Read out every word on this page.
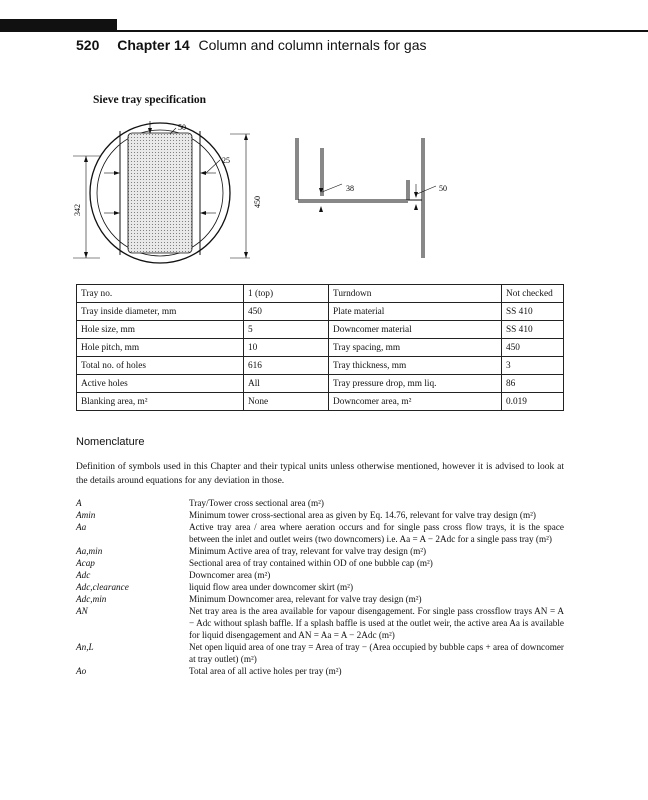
520 Chapter 14 Column and column internals for gas
Sieve tray specification
342
50
25
450
38	50
Tray no.	1 (top)	Turndown	Not checked
Tray inside diameter, mm	450	Plate material	SS 410
Hole size, mm	5	Downcomer material	SS 410
Hole pitch, mm	10	Tray spacing, mm	450
Total no. of holes	616	Tray thickness, mm	3
Active holes	All	Tray pressure drop, mm liq.	86
Blanking area, m²	None	Downcomer area, m²	0.019
Nomenclature
Definition of symbols used in this Chapter and their typical units unless otherwise mentioned, however it is advised to look at the details around equations for any deviation in those.
A	Tray/Tower cross sectional area (m²)
Amin	Minimum tower cross-sectional area as given by Eq. 14.76, relevant for valve tray design (m²)
Aa	Active tray area / area where aeration occurs and for single pass cross flow trays, it is the space between the inlet and outlet weirs (two downcomers) i.e. Aa = A − 2Adc for a single pass tray (m²)
Aa,min	Minimum Active area of tray, relevant for valve tray design (m²)
Acap	Sectional area of tray contained within OD of one bubble cap (m²)
Adc	Downcomer area (m²)
Adc,clearance	liquid flow area under downcomer skirt (m²)
Adc,min	Minimum Downcomer area, relevant for valve tray design (m²)
AN	Net tray area is the area available for vapour disengagement. For single pass crossflow trays AN = A − Adc without splash baffle. If a splash baffle is used at the outlet weir, the active area Aa is available for liquid disengagement and AN = Aa = A − 2Adc (m²)
An,L	Net open liquid area of one tray = Area of tray − (Area occupied by bubble caps + area of downcomer at tray outlet) (m²)
Ao	Total area of all active holes per tray (m²)
